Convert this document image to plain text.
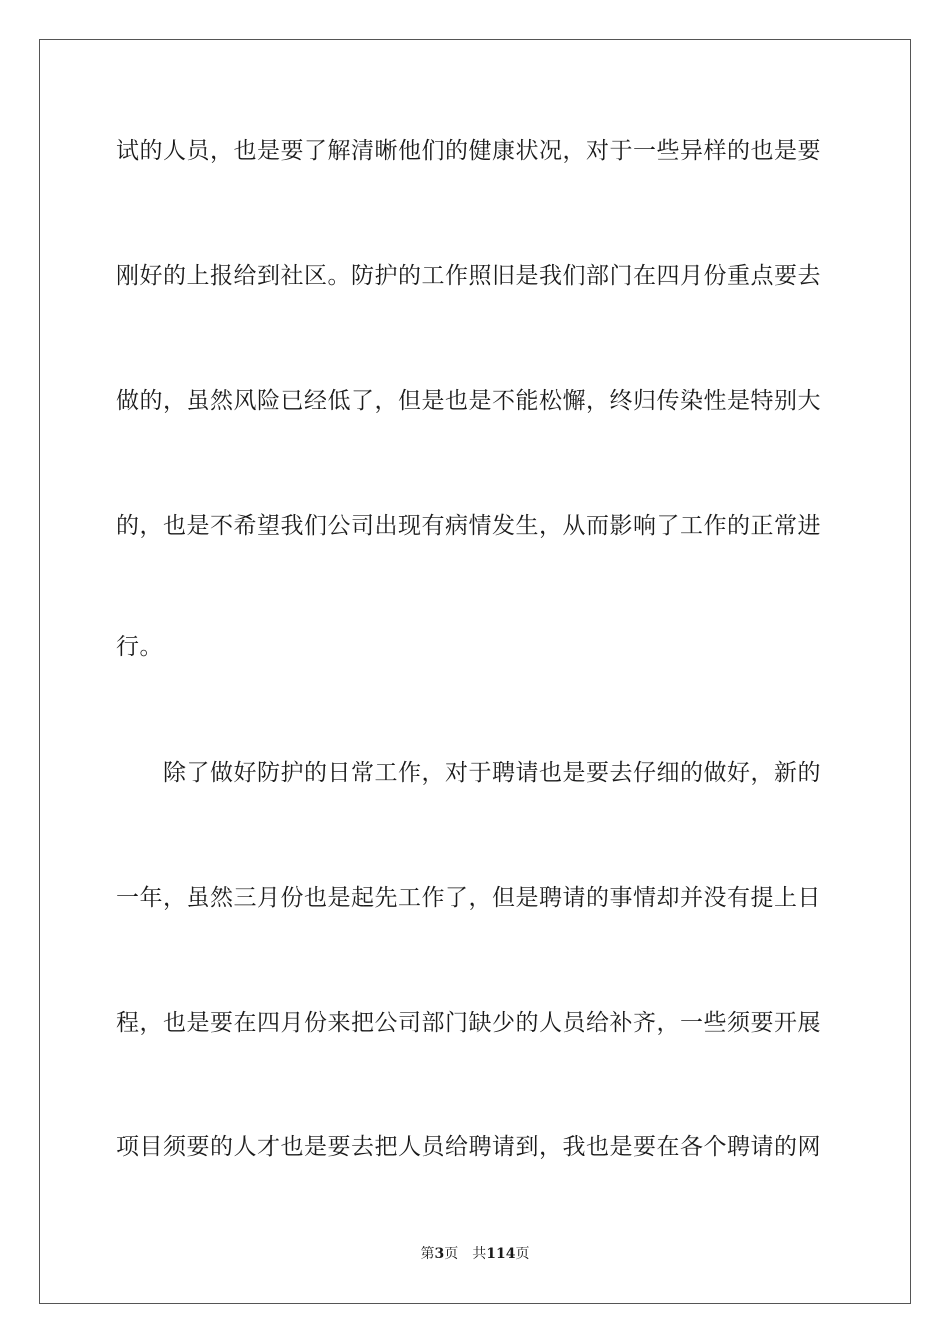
试的人员，也是要了解清晰他们的健康状况，对于一些异样的也是要
刚好的上报给到社区。防护的工作照旧是我们部门在四月份重点要去
做的，虽然风险已经低了，但是也是不能松懈，终归传染性是特别大
的，也是不希望我们公司出现有病情发生，从而影响了工作的正常进
行。
　　除了做好防护的日常工作，对于聘请也是要去仔细的做好，新的
一年，虽然三月份也是起先工作了，但是聘请的事情却并没有提上日
程，也是要在四月份来把公司部门缺少的人员给补齐，一些须要开展
项目须要的人才也是要去把人员给聘请到，我也是要在各个聘请的网
第3页 共114页
